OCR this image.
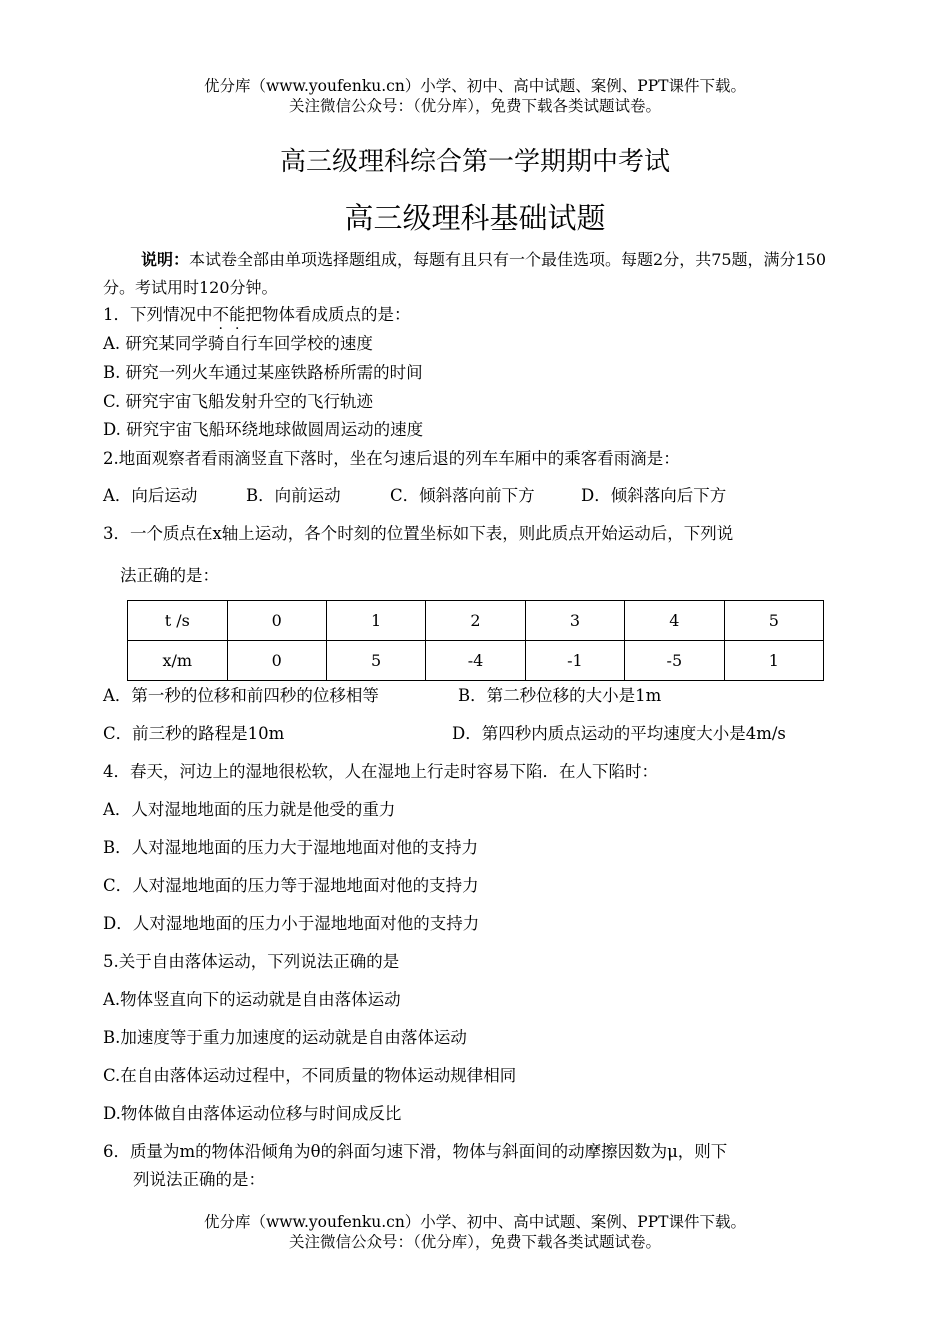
优分库（www.youfenku.cn）小学、初中、高中试题、案例、PPT课件下载。
关注微信公众号：（优分库），免费下载各类试题试卷。
高三级理科综合第一学期期中考试
高三级理科基础试题
说明：本试卷全部由单项选择题组成，每题有且只有一个最佳选项。每题2分，共75题，满分150分。考试用时120分钟。
1．下列情况中不能把物体看成质点的是：
A. 研究某同学骑自行车回学校的速度
B. 研究一列火车通过某座铁路桥所需的时间
C. 研究宇宙飞船发射升空的飞行轨迹
D. 研究宇宙飞船环绕地球做圆周运动的速度
2.地面观察者看雨滴竖直下落时，坐在匀速后退的列车车厢中的乘客看雨滴是：
A．向后运动	B．向前运动	C．倾斜落向前下方	D．倾斜落向后下方
3．一个质点在x轴上运动，各个时刻的位置坐标如下表，则此质点开始运动后，下列说
法正确的是：
t /s	0	1	2	3	4	5
x/m	0	5	-4	-1	-5	1
A．第一秒的位移和前四秒的位移相等	B．第二秒位移的大小是1m
C．前三秒的路程是10m	D．第四秒内质点运动的平均速度大小是4m/s
4．春天，河边上的湿地很松软，人在湿地上行走时容易下陷．在人下陷时：
A．人对湿地地面的压力就是他受的重力
B．人对湿地地面的压力大于湿地地面对他的支持力
C．人对湿地地面的压力等于湿地地面对他的支持力
D．人对湿地地面的压力小于湿地地面对他的支持力
5.关于自由落体运动，下列说法正确的是
A.物体竖直向下的运动就是自由落体运动
B.加速度等于重力加速度的运动就是自由落体运动
C.在自由落体运动过程中，不同质量的物体运动规律相同
D.物体做自由落体运动位移与时间成反比
6．质量为m的物体沿倾角为θ的斜面匀速下滑，物体与斜面间的动摩擦因数为μ，则下
列说法正确的是：
优分库（www.youfenku.cn）小学、初中、高中试题、案例、PPT课件下载。
关注微信公众号：（优分库），免费下载各类试题试卷。
